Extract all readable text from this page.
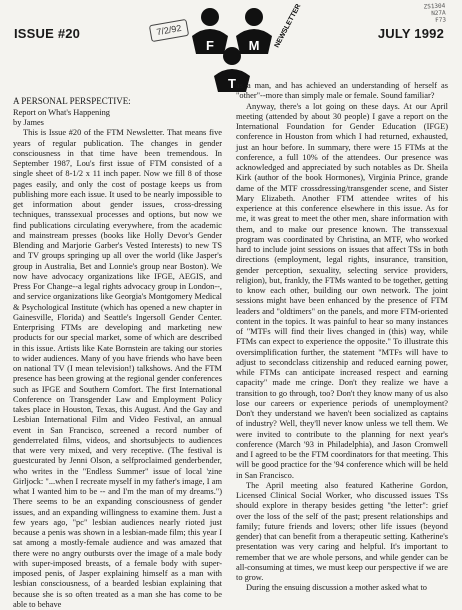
ZS1304
N27A
F73
ISSUE #20	7/2/92	JULY 1992
F	M
T
NEWSLETTER

A PERSONAL PERSPECTIVE:

Report on What's Happening

by James

This is Issue #20 of the FTM Newsletter. That means five years of regular publication. The changes in gender consciousness in that time have been tremendous. In September 1987, Lou's first issue of FTM consisted of a single sheet of 8-1/2 x 11 inch paper. Now we fill 8 of those pages easily, and only the cost of postage keeps us from publishing more each issue. It used to be nearly impossible to get information about gender issues, cross-dressing techniques, transsexual processes and options, but now we find publications circulating everywhere, from the academic and mainstream presses (books like Holly Devor's Gender Blending and Marjorie Garber's Vested Interests) to new TS and TV groups springing up all over the world (like Jasper's group in Australia, Bet and Lonnie's group near Boston). We now have advocacy organizations like IFGE, AEGIS, and Press For Change--a legal rights advocacy group in London--, and service organizations like Georgia's Montgomery Medical & Psychological Institute (which has opened a new chapter in Gainesville, Florida) and Seattle's Ingersoll Gender Center. Enterprising FTMs are developing and marketing new products for our special market, some of which are described in this issue. Artists like Kate Bornstein are taking our stories to wider audiences. Many of you have friends who have been on national TV (I mean television!) talkshows. And the FTM presence has been growing at the regional gender conferences such as IFGE and Southern Comfort. The first International Conference on Transgender Law and Employment Policy takes place in Houston, Texas, this August. And the Gay and Lesbian International Film and Video Festival, an annual event in San Francisco, screened a record number of genderrelated films, videos, and shortsubjects to audiences that were very mixed, and very receptive. (The festival is guestcurated by Jenni Olson, a selfproclaimed genderbender, who writes in the "Endless Summer" issue of local 'zine Girljock: "...when I recreate myself in my father's image, I am what I wanted him to be -- and I'm the man of my dreams.") There seems to be an expanding consciousness of gender issues, and an expanding willingness to examine them. Just a few years ago, "pc" lesbian audiences nearly rioted just because a penis was shown in a lesbian-made film; this year I sat among a mostly-female audience and was amazed that there were no angry outbursts over the image of a male body with super-imposed breasts, of a female body with super-imposed penis, of Jasper explaining himself as a man with lesbian consciousness, of a bearded lesbian explaining that because she is so often treated as a man she has come to be able to behave

as a man, and has achieved an understanding of herself as "other"--more than simply male or female. Sound familiar?

Anyway, there's a lot going on these days. At our April meeting (attended by about 30 people) I gave a report on the International Foundation for Gender Education (IFGE) conference in Houston from which I had returned, exhausted, just an hour before. In summary, there were 15 FTMs at the conference, a full 10% of the attendees. Our presence was acknowledged and appreciated by such notables as Dr. Sheila Kirk (author of the book Hormones), Virginia Prince, grande dame of the MTF crossdressing/transgender scene, and Sister Mary Elizabeth. Another FTM attendee writes of his experience at this conference elsewhere in this issue. As for me, it was great to meet the other men, share information with them, and to make our presence known. The transsexual program was coordinated by Christina, an MTF, who worked hard to include joint sessions on issues that affect TSs in both directions (employment, legal rights, insurance, transition, gender perception, sexuality, selecting service providers, religion), but, frankly, the FTMs wanted to be together, getting to know each other, building our own network. The joint sessions might have been enhanced by the presence of FTM leaders and "oldtimers" on the panels, and more FTM-oriented content in the topics. It was painful to hear so many instances of "MTFs will find their lives changed in (this) way, while FTMs can expect to experience the opposite." To illustrate this oversimplification further, the statement "MTFs will have to adjust to secondclass citizenship and reduced earning power, while FTMs can anticipate increased respect and earning capacity" made me cringe. Don't they realize we have a transition to go through, too? Don't they know many of us also lose our careers or experience periods of unemployment? Don't they understand we haven't been socialized as captains of industry? Well, they'll never know unless we tell them. We were invited to contribute to the planning for next year's conference (March '93 in Philadelphia), and Jason Cromwell and I agreed to be the FTM coordinators for that meeting. This will be good practice for the '94 conference which will be held in San Francisco.

The April meeting also featured Katherine Gordon, Licensed Clinical Social Worker, who discussed issues TSs should explore in therapy besides getting "the letter": grief over the loss of the self of the past; present relationships and family; future friends and lovers; other life issues (beyond gender) that can benefit from a therapeutic setting. Katherine's presentation was very caring and helpful. It's important to remember that we are whole persons, and while gender can be all-consuming at times, we must keep our perspective if we are to grow.

During the ensuing discussion a mother asked what to
